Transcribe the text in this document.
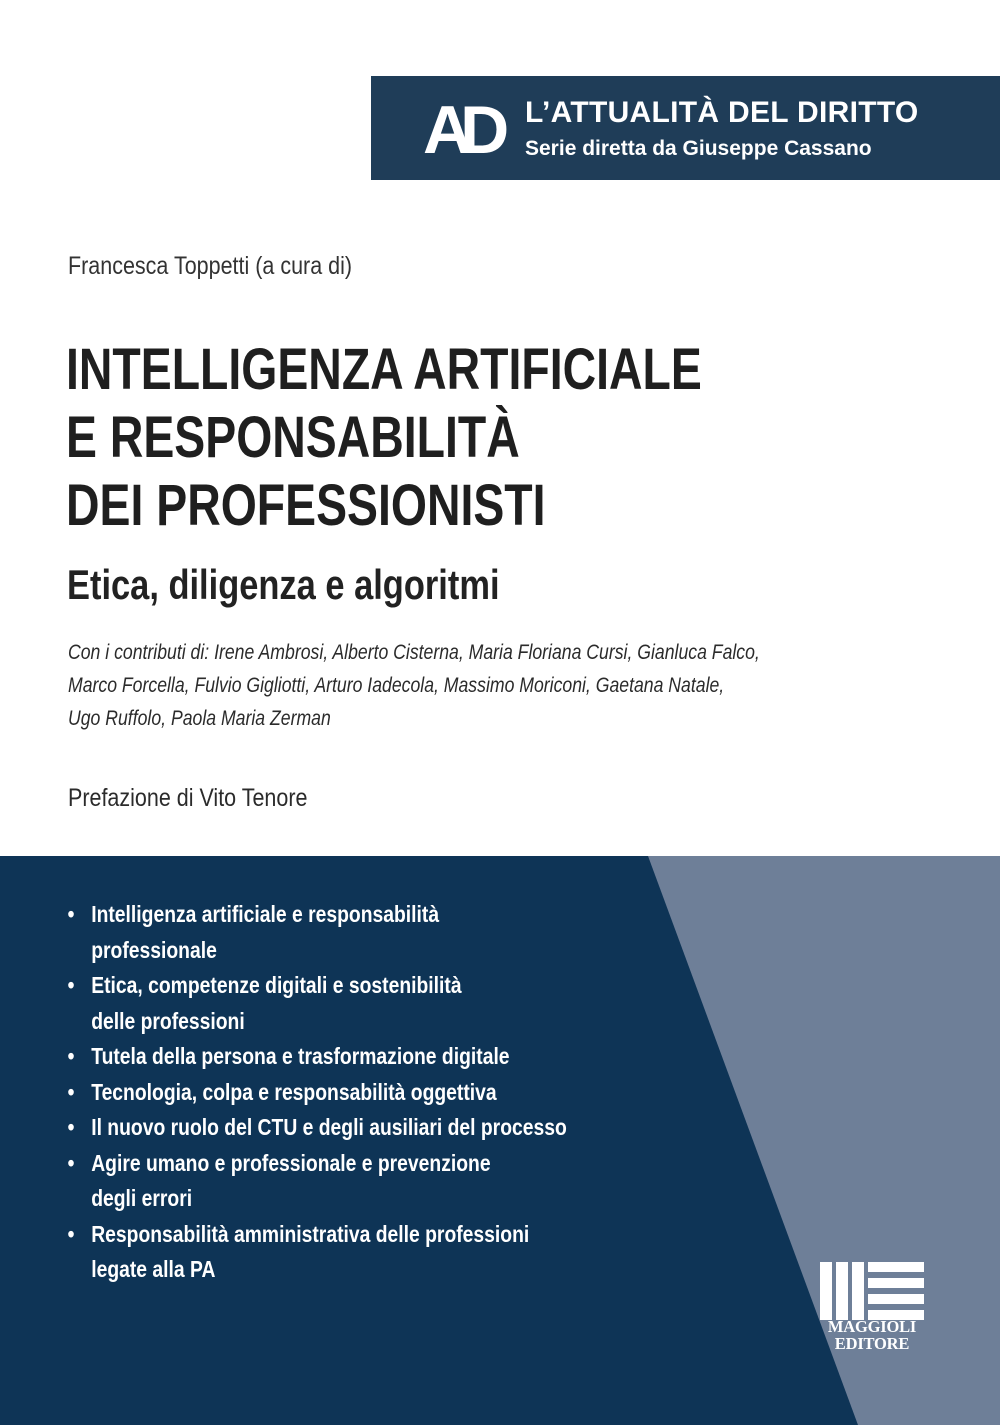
AD L’ATTUALITÀ DEL DIRITTO
Serie diretta da Giuseppe Cassano
Francesca Toppetti (a cura di)
INTELLIGENZA ARTIFICIALE
E RESPONSABILITÀ
DEI PROFESSIONISTI
Etica, diligenza e algoritmi

Con i contributi di: Irene Ambrosi, Alberto Cisterna, Maria Floriana Cursi, Gianluca Falco,

Marco Forcella, Fulvio Gigliotti, Arturo Iadecola, Massimo Moriconi, Gaetana Natale,

Ugo Ruffolo, Paola Maria Zerman

Prefazione di Vito Tenore
• Intelligenza artificiale e responsabilità
professionale
• Etica, competenze digitali e sostenibilità
delle professioni
• Tutela della persona e trasformazione digitale
• Tecnologia, colpa e responsabilità oggettiva
• Il nuovo ruolo del CTU e degli ausiliari del processo
• Agire umano e professionale e prevenzione
degli errori
• Responsabilità amministrativa delle professioni
legate alla PA
MAGGIOLI
EDITORE
